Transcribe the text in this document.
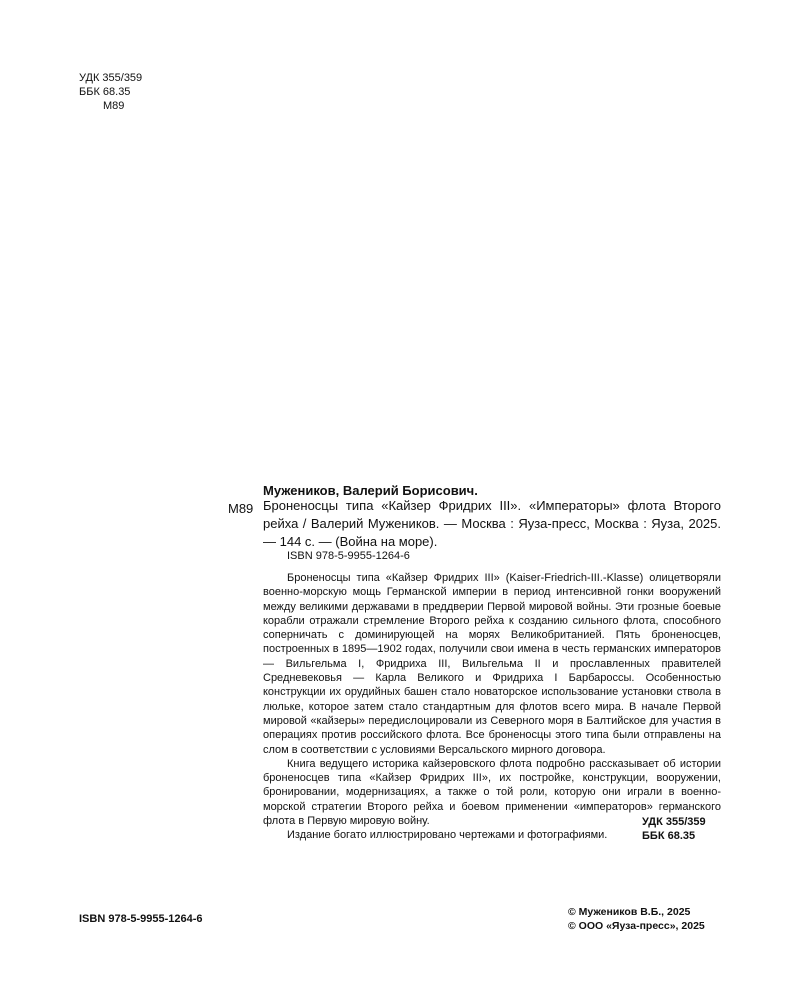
УДК 355/359
ББК 68.35
М89
М89
Мужеников, Валерий Борисович.
Броненосцы типа «Кайзер Фридрих III». «Императоры» флота Второго рейха / Валерий Мужеников. — Москва : Яуза-пресс, Москва : Яуза, 2025. — 144 с. — (Война на море).
ISBN 978-5-9955-1264-6

Броненосцы типа «Кайзер Фридрих III» (Kaiser-Friedrich-III.-Klasse) олицетворяли военно-морскую мощь Германской империи в период интенсивной гонки вооружений между великими державами в преддверии Первой мировой войны. Эти грозные боевые корабли отражали стремление Второго рейха к созданию сильного флота, способного соперничать с доминирующей на морях Великобританией. Пять броненосцев, построенных в 1895—1902 годах, получили свои имена в честь германских императоров — Вильгельма I, Фридриха III, Вильгельма II и прославленных правителей Средневековья — Карла Великого и Фридриха I Барбароссы. Особенностью конструкции их орудийных башен стало новаторское использование установки ствола в люльке, которое затем стало стандартным для флотов всего мира. В начале Первой мировой «кайзеры» передислоцировали из Северного моря в Балтийское для участия в операциях против российского флота. Все броненосцы этого типа были отправлены на слом в соответствии с условиями Версальского мирного договора.

Книга ведущего историка кайзеровского флота подробно рассказывает об истории броненосцев типа «Кайзер Фридрих III», их постройке, конструкции, вооружении, бронировании, модернизациях, а также о той роли, которую они играли в военно-морской стратегии Второго рейха и боевом применении «императоров» германского флота в Первую мировую войну.

Издание богато иллюстрировано чертежами и фотографиями.

УДК 355/359
ББК 68.35
ISBN 978-5-9955-1264-6
© Мужеников В.Б., 2025
© ООО «Яуза-пресс», 2025
